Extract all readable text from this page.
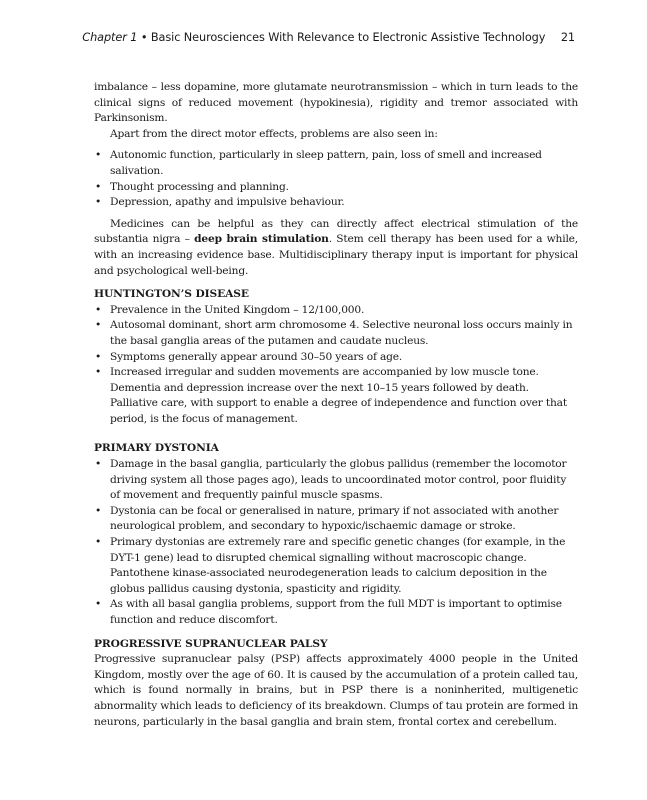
Chapter 1 • Basic Neurosciences With Relevance to Electronic Assistive Technology 21

imbalance – less dopamine, more glutamate neurotransmission – which in turn leads to the clinical signs of reduced movement (hypokinesia), rigidity and tremor associated with Parkinsonism.

Apart from the direct motor effects, problems are also seen in:

• Autonomic function, particularly in sleep pattern, pain, loss of smell and increased salivation.
• Thought processing and planning.
• Depression, apathy and impulsive behaviour.

Medicines can be helpful as they can directly affect electrical stimulation of the substantia nigra – deep brain stimulation. Stem cell therapy has been used for a while, with an increasing evidence base. Multidisciplinary therapy input is important for physical and psychological well-being.

HUNTINGTON’S DISEASE
• Prevalence in the United Kingdom – 12/100,000.
• Autosomal dominant, short arm chromosome 4. Selective neuronal loss occurs mainly in the basal ganglia areas of the putamen and caudate nucleus.
• Symptoms generally appear around 30–50 years of age.
• Increased irregular and sudden movements are accompanied by low muscle tone. Dementia and depression increase over the next 10–15 years followed by death. Palliative care, with support to enable a degree of independence and function over that period, is the focus of management.
PRIMARY DYSTONIA
• Damage in the basal ganglia, particularly the globus pallidus (remember the locomotor driving system all those pages ago), leads to uncoordinated motor control, poor fluidity of movement and frequently painful muscle spasms.
• Dystonia can be focal or generalised in nature, primary if not associated with another neurological problem, and secondary to hypoxic/ischaemic damage or stroke.
• Primary dystonias are extremely rare and specific genetic changes (for example, in the DYT-1 gene) lead to disrupted chemical signalling without macroscopic change. Pantothene kinase-associated neurodegeneration leads to calcium deposition in the globus pallidus causing dystonia, spasticity and rigidity.
• As with all basal ganglia problems, support from the full MDT is important to optimise function and reduce discomfort.
PROGRESSIVE SUPRANUCLEAR PALSY

Progressive supranuclear palsy (PSP) affects approximately 4000 people in the United Kingdom, mostly over the age of 60. It is caused by the accumulation of a protein called tau, which is found normally in brains, but in PSP there is a noninherited, multigenetic abnormality which leads to deficiency of its breakdown. Clumps of tau protein are formed in neurons, particularly in the basal ganglia and brain stem, frontal cortex and cerebellum.
